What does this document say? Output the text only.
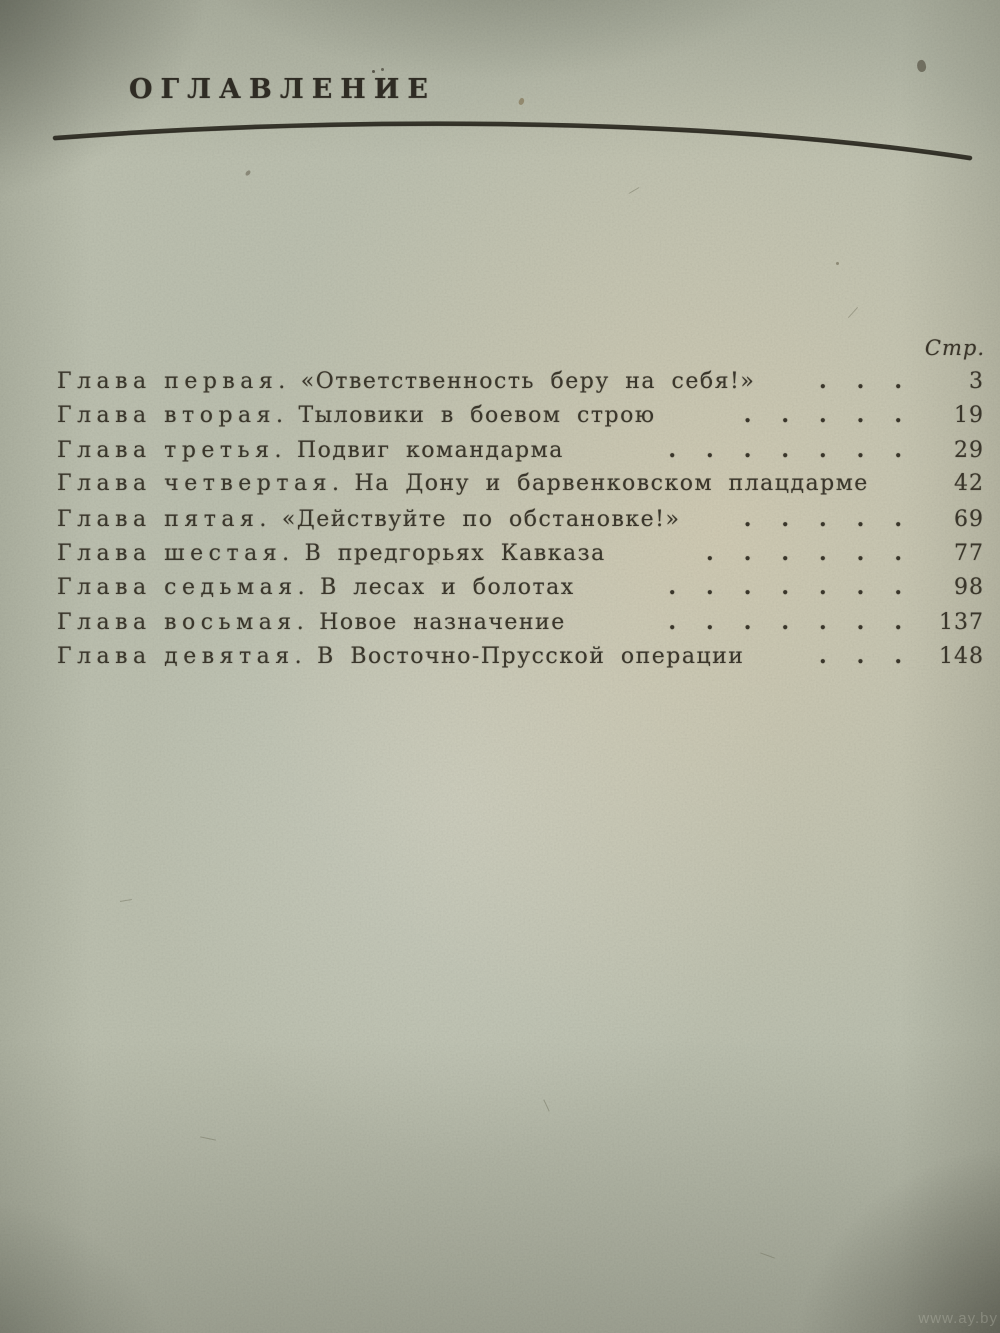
ОГЛАВЛЕНИЕ
Стр.
Глава первая. «Ответственность беру на себя!»	...	3
Глава вторая. Тыловики в боевом строю	.....	19
Глава третья. Подвиг командарма	.......	29
Глава четвертая. На Дону и барвенковском плацдарме	42
Глава пятая. «Действуйте по обстановке!»	.....	69
Глава шестая. В предгорьях Кавказа	......	77
Глава седьмая. В лесах и болотах	.......	98
Глава восьмая. Новое назначение	....... 137
Глава девятая. В Восточно-Прусской операции	... 148
www.ay.by
